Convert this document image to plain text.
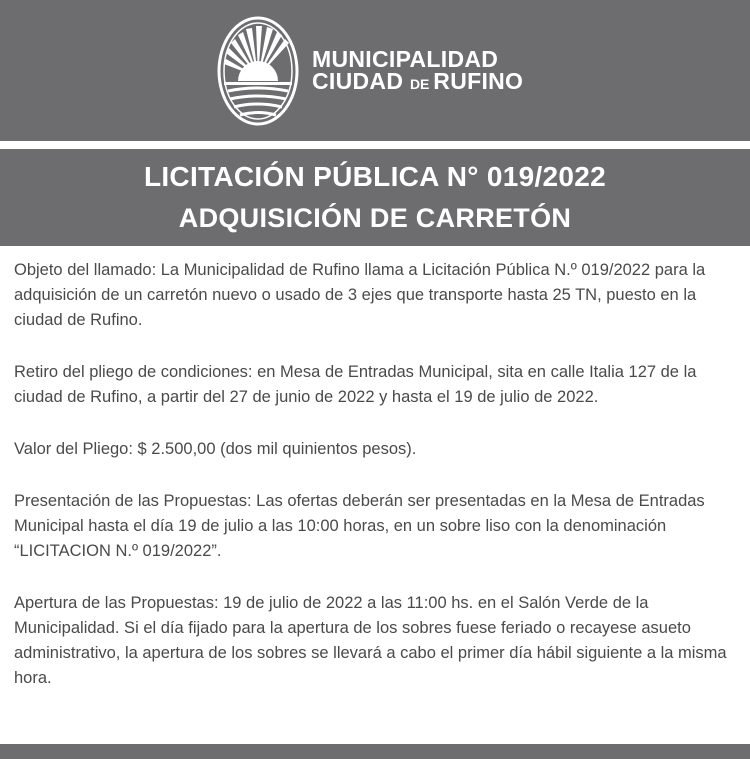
MUNICIPALIDAD
CIUDAD DE RUFINO
LICITACIÓN PÚBLICA N° 019/2022
ADQUISICIÓN DE CARRETÓN

Objeto del llamado: La Municipalidad de Rufino llama a Licitación Pública N.º 019/2022 para la adquisición de un carretón nuevo o usado de 3 ejes que transporte hasta 25 TN, puesto en la ciudad de Rufino.

Retiro del pliego de condiciones: en Mesa de Entradas Municipal, sita en calle Italia 127 de la ciudad de Rufino, a partir del 27 de junio de 2022 y hasta el 19 de julio de 2022.

Valor del Pliego: $ 2.500,00 (dos mil quinientos pesos).

Presentación de las Propuestas: Las ofertas deberán ser presentadas en la Mesa de Entradas Municipal hasta el día 19 de julio a las 10:00 horas, en un sobre liso con la denominación “LICITACION N.º 019/2022”.

Apertura de las Propuestas: 19 de julio de 2022 a las 11:00 hs. en el Salón Verde de la Municipalidad. Si el día fijado para la apertura de los sobres fuese feriado o recayese asueto administrativo, la apertura de los sobres se llevará a cabo el primer día hábil siguiente a la misma hora.
